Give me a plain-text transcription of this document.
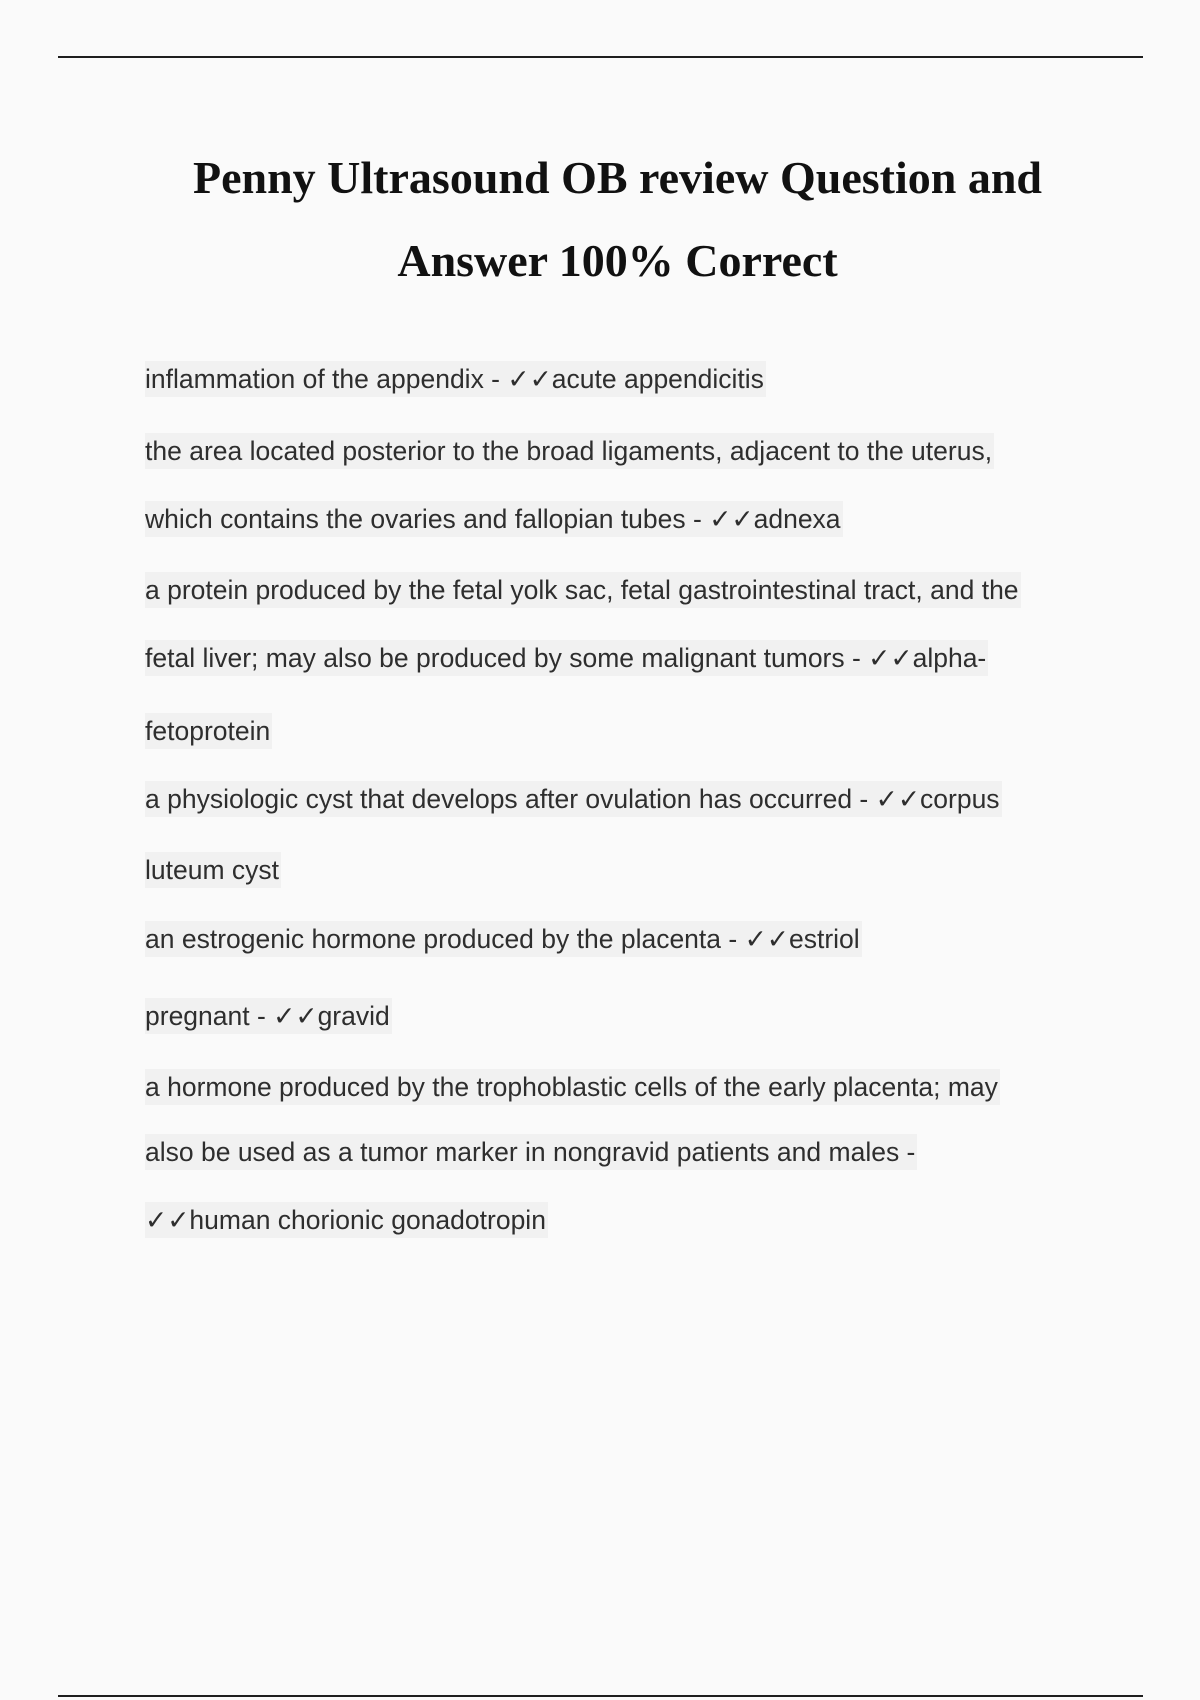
Penny Ultrasound OB review Question and
Answer 100% Correct
inflammation of the appendix - ✓✓acute appendicitis
the area located posterior to the broad ligaments, adjacent to the uterus,
which contains the ovaries and fallopian tubes - ✓✓adnexa
a protein produced by the fetal yolk sac, fetal gastrointestinal tract, and the
fetal liver; may also be produced by some malignant tumors - ✓✓alpha-
fetoprotein
a physiologic cyst that develops after ovulation has occurred - ✓✓corpus
luteum cyst
an estrogenic hormone produced by the placenta - ✓✓estriol
pregnant - ✓✓gravid
a hormone produced by the trophoblastic cells of the early placenta; may
also be used as a tumor marker in nongravid patients and males -
✓✓human chorionic gonadotropin
